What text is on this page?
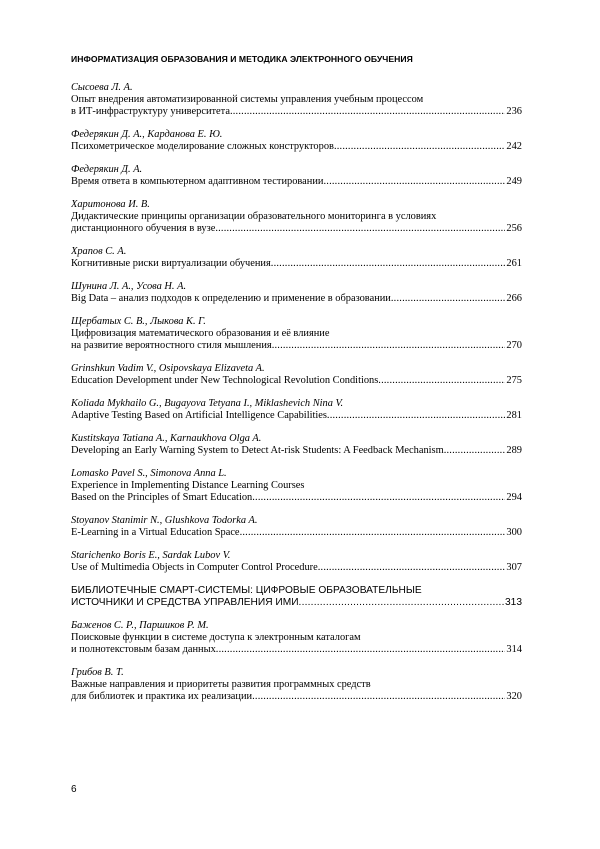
ИНФОРМАТИЗАЦИЯ ОБРАЗОВАНИЯ И МЕТОДИКА ЭЛЕКТРОННОГО ОБУЧЕНИЯ
Сысоева Л. А.
Опыт внедрения автоматизированной системы управления учебным процессом
в ИТ-инфраструктуру университета .....	236
Федерякин Д. А., Карданова Е. Ю.
Психометрическое моделирование сложных конструкторов .....	242
Федерякин Д. А.
Время ответа в компьютерном адаптивном тестировании .....	249
Харитонова И. В.
Дидактические принципы организации образовательного мониторинга в условиях
дистанционного обучения в вузе .....	256
Храпов С. А.
Когнитивные риски виртуализации обучения .....	261
Шунина Л. А., Усова Н. А.
Big Data – анализ подходов к определению и применение в образовании .....	266
Щербатых С. В., Лыкова К. Г.
Цифровизация математического образования и её влияние
на развитие вероятностного стиля мышления .....	270
Grinshkun Vadim V., Osipovskaya Elizaveta A.
Education Development under New Technological Revolution Conditions .....	275
Koliada Mykhailo G., Bugayova Tetyana I., Miklashevich Nina V.
Adaptive Testing Based on Artificial Intelligence Capabilities .....	281
Kustitskaya Tatiana A., Karnaukhova Olga A.
Developing an Early Warning System to Detect At-risk Students: A Feedback Mechanism .....	289
Lomasko Pavel S., Simonova Anna L.
Experience in Implementing Distance Learning Courses
Based on the Principles of Smart Education .....	294
Stoyanov Stanimir N., Glushkova Todorka A.
E-Learning in a Virtual Education Space .....	300
Starichenko Boris E., Sardak Lubov V.
Use of Multimedia Objects in Computer Control Procedure .....	307
БИБЛИОТЕЧНЫЕ СМАРТ-СИСТЕМЫ: ЦИФРОВЫЕ ОБРАЗОВАТЕЛЬНЫЕ
ИСТОЧНИКИ И СРЕДСТВА УПРАВЛЕНИЯ ИМИ .....	313
Баженов С. Р., Паршиков Р. М.
Поисковые функции в системе доступа к электронным каталогам
и полнотекстовым базам данных .....	314
Грибов В. Т.
Важные направления и приоритеты развития программных средств
для библиотек и практика их реализации .....	320
6
